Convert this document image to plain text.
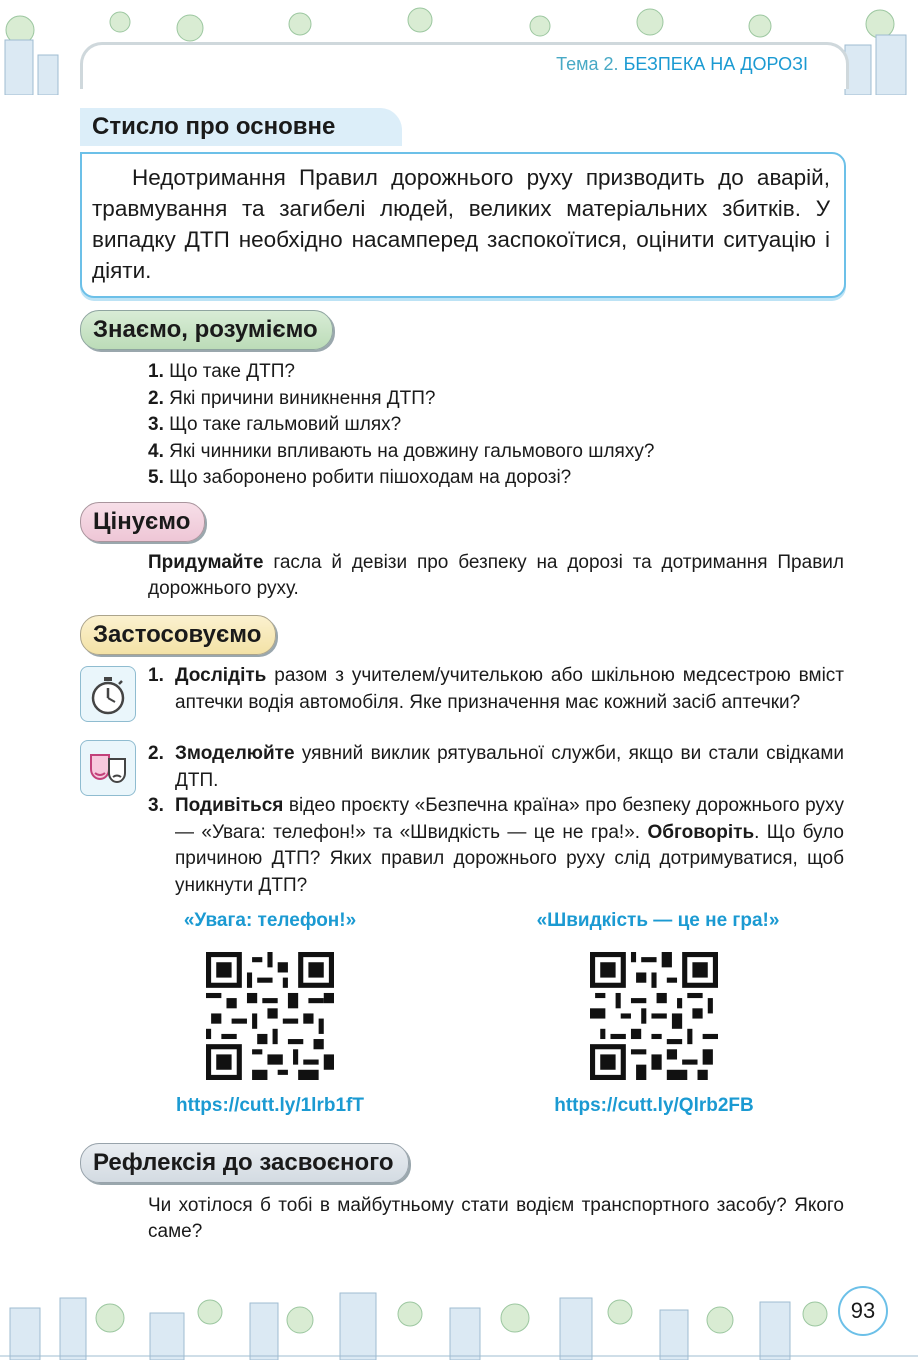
Тема 2. БЕЗПЕКА НА ДОРОЗІ
Стисло про основне
Недотримання Правил дорожнього руху призводить до аварій, травмування та загибелі людей, великих матеріальних збитків. У випадку ДТП необхідно насамперед заспокоїтися, оцінити ситуацію і діяти.
Знаємо, розуміємо
1. Що таке ДТП?
2. Які причини виникнення ДТП?
3. Що таке гальмовий шлях?
4. Які чинники впливають на довжину гальмового шляху?
5. Що заборонено робити пішоходам на дорозі?
Цінуємо
Придумайте гасла й девізи про безпеку на дорозі та дотримання Правил дорожнього руху.
Застосовуємо
1. Дослідіть разом з учителем/учителькою або шкільною медсестрою вміст аптечки водія автомобіля. Яке призначення має кожний засіб аптечки?
2. Змоделюйте уявний виклик рятувальної служби, якщо ви стали свідками ДТП.
3. Подивіться відео проєкту «Безпечна країна» про безпеку дорожнього руху — «Увага: телефон!» та «Швидкість — це не гра!». Обговоріть. Що було причиною ДТП? Яких правил дорожнього руху слід дотримуватися, щоб уникнути ДТП?
«Увага: телефон!»	«Швидкість — це не гра!»
https://cutt.ly/1lrb1fT	https://cutt.ly/Qlrb2FB
Рефлексія до засвоєного
Чи хотілося б тобі в майбутньому стати водієм транспортного засобу? Якого саме?
93
